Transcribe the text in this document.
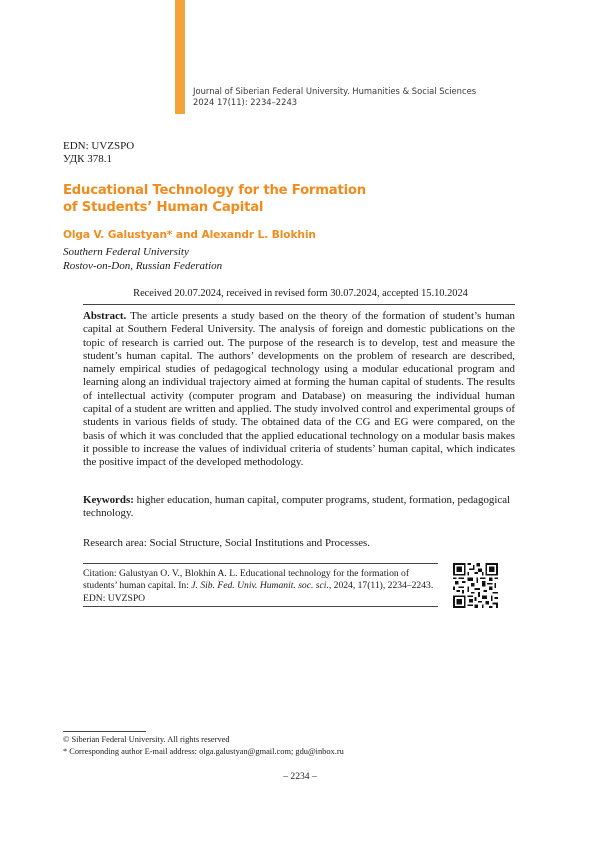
Journal of Siberian Federal University. Humanities & Social Sciences
2024 17(11): 2234–2243
EDN: UVZSPO
УДК 378.1
Educational Technology for the Formation
of Students’ Human Capital
Olga V. Galustyan* and Alexandr L. Blokhin
Southern Federal University
Rostov-on-Don, Russian Federation
Received 20.07.2024, received in revised form 30.07.2024, accepted 15.10.2024
Abstract. The article presents a study based on the theory of the formation of student’s human capital at Southern Federal University. The analysis of foreign and domestic publications on the topic of research is carried out. The purpose of the research is to develop, test and measure the student’s human capital. The authors’ developments on the problem of research are described, namely empirical studies of pedagogical technology using a modular educational program and learning along an individual trajectory aimed at forming the human capital of students. The results of intellectual activity (computer program and Database) on measuring the individual human capital of a student are written and applied. The study involved control and experimental groups of students in various fields of study. The obtained data of the CG and EG were compared, on the basis of which it was concluded that the applied educational technology on a modular basis makes it possible to increase the values of individual criteria of students’ human capital, which indicates the positive impact of the developed methodology.
Keywords: higher education, human capital, computer programs, student, formation, pedagogical technology.
Research area: Social Structure, Social Institutions and Processes.
Citation: Galustyan O. V., Blokhin A. L. Educational technology for the formation of students’ human capital. In: J. Sib. Fed. Univ. Humanit. soc. sci., 2024, 17(11), 2234–2243.
EDN: UVZSPO
© Siberian Federal University. All rights reserved
* Corresponding author E-mail address: olga.galustyan@gmail.com; gdu@inbox.ru
– 2234 –
